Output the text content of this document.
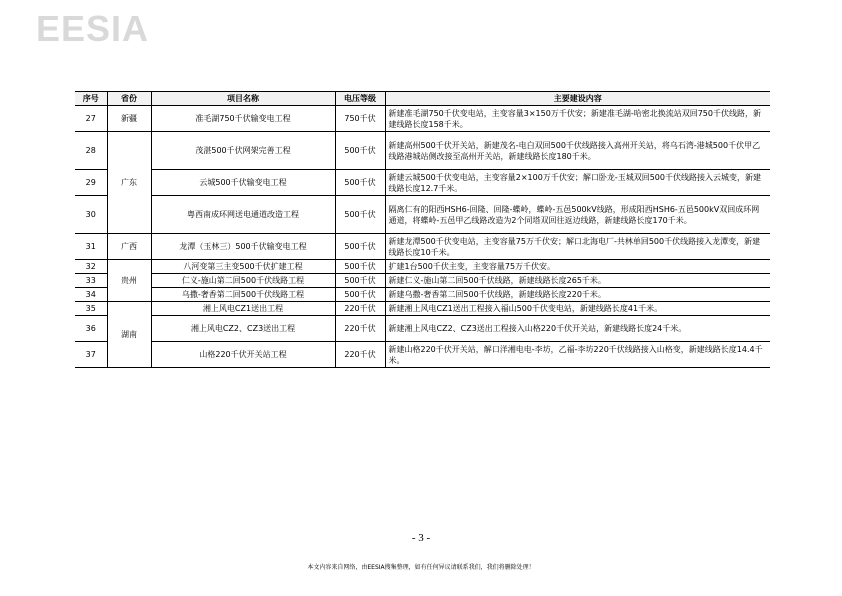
EESIA
序号	省份	项目名称	电压等级	主要建设内容
27	新疆	准毛湖750千伏输变电工程	750千伏	新建准毛湖750千伏变电站，主变容量3×150万千伏安；新建准毛湖-哈密北换流站双回750千伏线路，新建线路长度158千米。
28	广东	茂湛500千伏网架完善工程	500千伏	新建高州500千伏开关站，新建茂名-电白双回500千伏线路接入高州开关站，将乌石湾-港城500千伏甲乙线路港城站侧改接至高州开关站，新建线路长度180千米。
29		云城500千伏输变电工程	500千伏	新建云城500千伏变电站，主变容量2×100万千伏安；解口卧龙-玉城双回500千伏线路接入云城变，新建线路长度12.7千米。
30		粤西南成环网送电通道改造工程	500千伏	隔离仁有的阳西HSH6-回隆、回隆-蝶岭，蝶岭-五邑500kV线路，形成阳西HSH6-五邑500kV双回成环网通道，将蝶岭-五邑甲乙线路改造为2个同塔双回往返边线路，新建线路长度170千米。
31	广西	龙潭（玉林三）500千伏输变电工程	500千伏	新建龙潭500千伏变电站，主变容量75万千伏安；解口北海电厂-共林单回500千伏线路接入龙潭变，新建线路长度10千米。
32	贵州	八河变第三主变500千伏扩建工程	500千伏	扩建1台500千伏主变，主变容量75万千伏安。
33		仁义-施山第二回500千伏线路工程	500千伏	新建仁义-施山第二回500千伏线路，新建线路长度265千米。
34		乌撒-奢香第二回500千伏线路工程	500千伏	新建乌撒-奢香第二回500千伏线路，新建线路长度220千米。
35	湖南	湘上风电CZ1送出工程	220千伏	新建湘上风电CZ1送出工程接入福山500千伏变电站，新建线路长度41千米。
36		湘上风电CZ2、CZ3送出工程	220千伏	新建湘上风电CZ2、CZ3送出工程接入山格220千伏开关站，新建线路长度24千米。
37		山格220千伏开关站工程	220千伏	新建山格220千伏开关站，解口洋湘电电-李坊，乙福-李坊220千伏线路接入山格变，新建线路长度14.4千米。
- 3 -
本文内容来自网络，由EESIA搜集整理，如有任何异议请联系我们，我们将删除处理！
